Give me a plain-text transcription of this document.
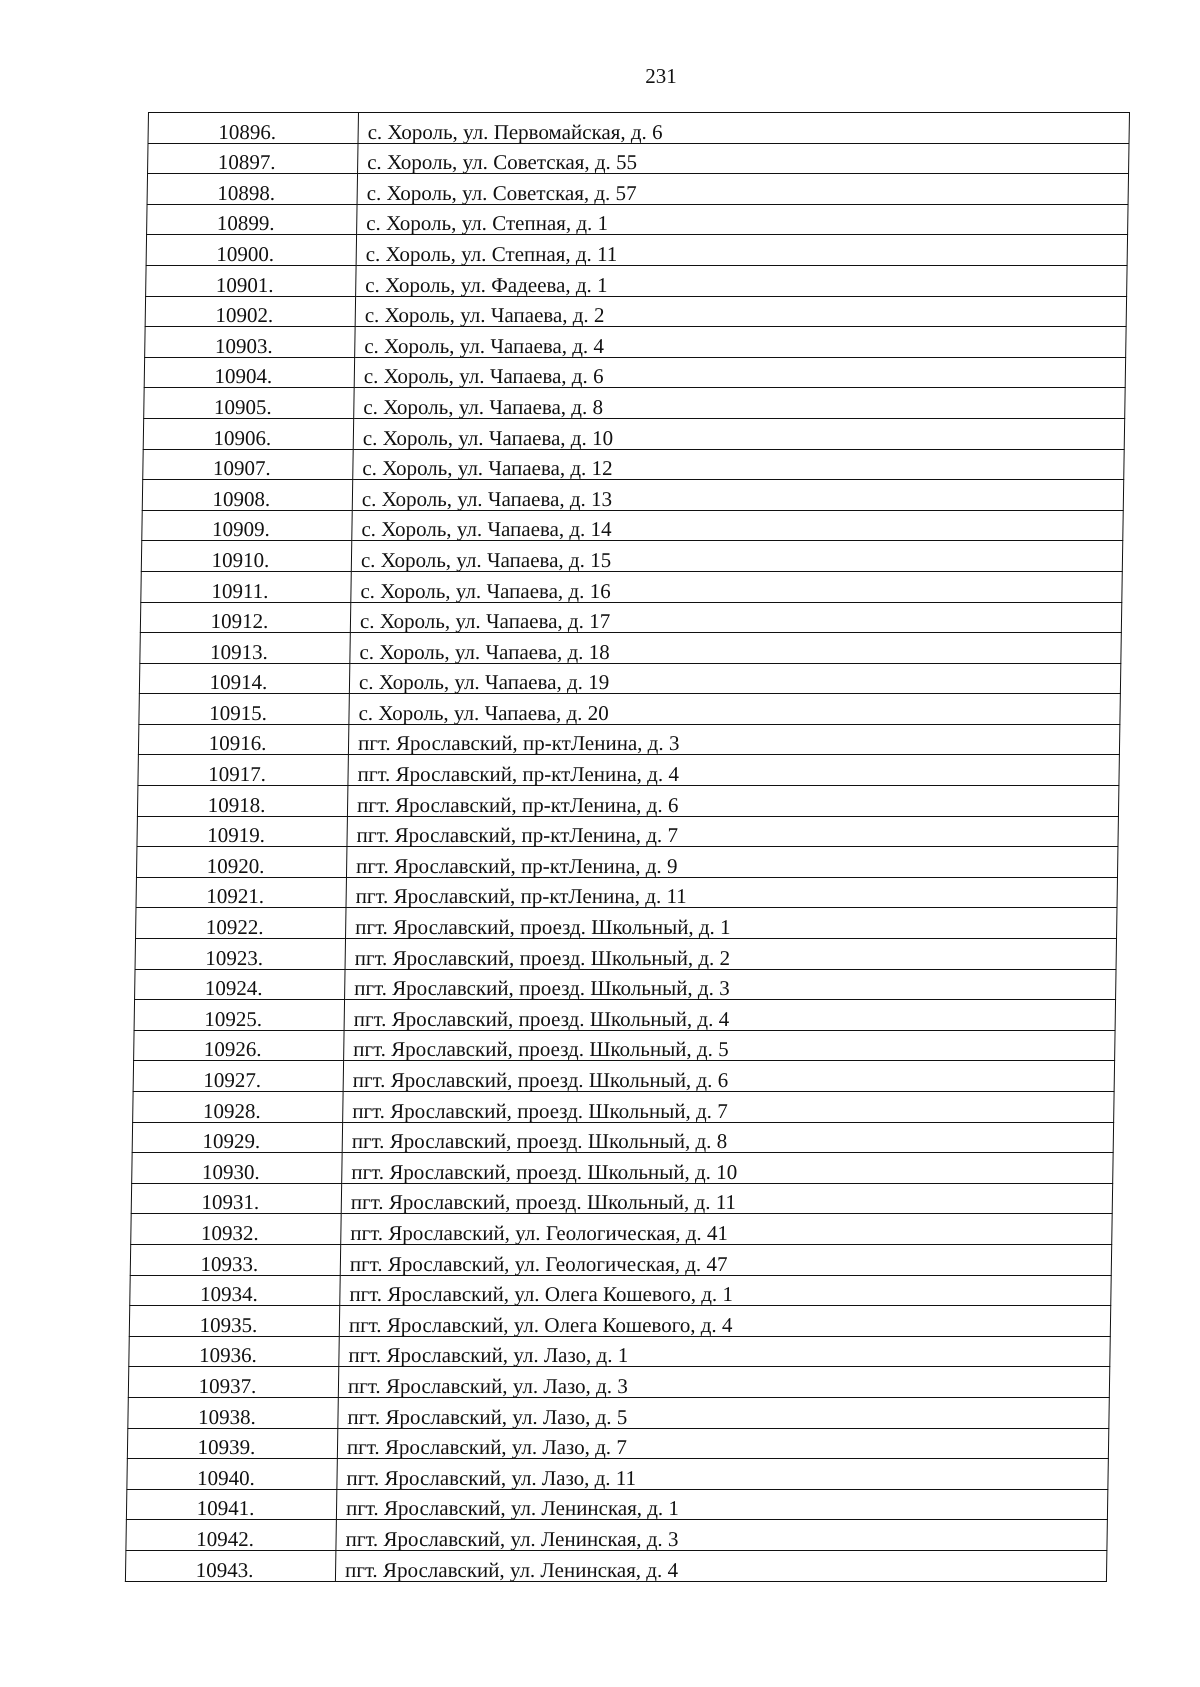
231
10896.	с. Хороль, ул. Первомайская, д. 6
10897.	с. Хороль, ул. Советская, д. 55
10898.	с. Хороль, ул. Советская, д. 57
10899.	с. Хороль, ул. Степная, д. 1
10900.	с. Хороль, ул. Степная, д. 11
10901.	с. Хороль, ул. Фадеева, д. 1
10902.	с. Хороль, ул. Чапаева, д. 2
10903.	с. Хороль, ул. Чапаева, д. 4
10904.	с. Хороль, ул. Чапаева, д. 6
10905.	с. Хороль, ул. Чапаева, д. 8
10906.	с. Хороль, ул. Чапаева, д. 10
10907.	с. Хороль, ул. Чапаева, д. 12
10908.	с. Хороль, ул. Чапаева, д. 13
10909.	с. Хороль, ул. Чапаева, д. 14
10910.	с. Хороль, ул. Чапаева, д. 15
10911.	с. Хороль, ул. Чапаева, д. 16
10912.	с. Хороль, ул. Чапаева, д. 17
10913.	с. Хороль, ул. Чапаева, д. 18
10914.	с. Хороль, ул. Чапаева, д. 19
10915.	с. Хороль, ул. Чапаева, д. 20
10916.	пгт. Ярославский, пр-ктЛенина, д. 3
10917.	пгт. Ярославский, пр-ктЛенина, д. 4
10918.	пгт. Ярославский, пр-ктЛенина, д. 6
10919.	пгт. Ярославский, пр-ктЛенина, д. 7
10920.	пгт. Ярославский, пр-ктЛенина, д. 9
10921.	пгт. Ярославский, пр-ктЛенина, д. 11
10922.	пгт. Ярославский, проезд. Школьный, д. 1
10923.	пгт. Ярославский, проезд. Школьный, д. 2
10924.	пгт. Ярославский, проезд. Школьный, д. 3
10925.	пгт. Ярославский, проезд. Школьный, д. 4
10926.	пгт. Ярославский, проезд. Школьный, д. 5
10927.	пгт. Ярославский, проезд. Школьный, д. 6
10928.	пгт. Ярославский, проезд. Школьный, д. 7
10929.	пгт. Ярославский, проезд. Школьный, д. 8
10930.	пгт. Ярославский, проезд. Школьный, д. 10
10931.	пгт. Ярославский, проезд. Школьный, д. 11
10932.	пгт. Ярославский, ул. Геологическая, д. 41
10933.	пгт. Ярославский, ул. Геологическая, д. 47
10934.	пгт. Ярославский, ул. Олега Кошевого, д. 1
10935.	пгт. Ярославский, ул. Олега Кошевого, д. 4
10936.	пгт. Ярославский, ул. Лазо, д. 1
10937.	пгт. Ярославский, ул. Лазо, д. 3
10938.	пгт. Ярославский, ул. Лазо, д. 5
10939.	пгт. Ярославский, ул. Лазо, д. 7
10940.	пгт. Ярославский, ул. Лазо, д. 11
10941.	пгт. Ярославский, ул. Ленинская, д. 1
10942.	пгт. Ярославский, ул. Ленинская, д. 3
10943.	пгт. Ярославский, ул. Ленинская, д. 4
